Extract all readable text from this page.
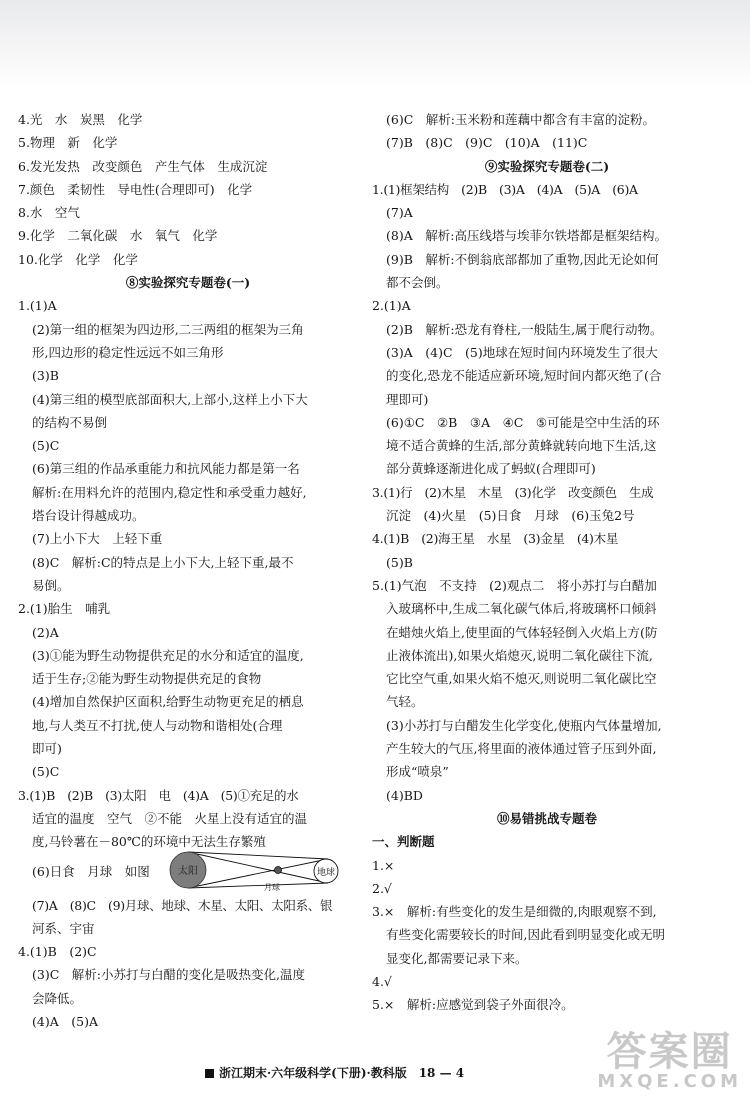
4.光　水　炭黑　化学
5.物理　新　化学
6.发光发热　改变颜色　产生气体　生成沉淀
7.颜色　柔韧性　导电性(合理即可)　化学
8.水　空气
9.化学　二氧化碳　水　氧气　化学
10.化学　化学　化学
⑧实验探究专题卷(一)
1.(1)A
(2)第一组的框架为四边形,二三两组的框架为三角
形,四边形的稳定性远远不如三角形
(3)B
(4)第三组的模型底部面积大,上部小,这样上小下大
的结构不易倒
(5)C
(6)第三组的作品承重能力和抗风能力都是第一名
解析:在用料允许的范围内,稳定性和承受重力越好,
塔台设计得越成功。
(7)上小下大　上轻下重
(8)C　解析:C的特点是上小下大,上轻下重,最不
易倒。
2.(1)胎生　哺乳
(2)A
(3)①能为野生动物提供充足的水分和适宜的温度,
适于生存;②能为野生动物提供充足的食物
(4)增加自然保护区面积,给野生动物更充足的栖息
地,与人类互不打扰,使人与动物和谐相处(合理
即可)
(5)C
3.(1)B　(2)B　(3)太阳　电　(4)A　(5)①充足的水
适宜的温度　空气　②不能　火星上没有适宜的温
度,马铃薯在－80℃的环境中无法生存繁殖
(6)日食　月球　如图	太阳
月球
地球
(7)A　(8)C　(9)月球、地球、木星、太阳、太阳系、银
河系、宇宙
4.(1)B　(2)C
(3)C　解析:小苏打与白醋的变化是吸热变化,温度
会降低。
(4)A　(5)A
(6)C　解析:玉米粉和莲藕中都含有丰富的淀粉。
(7)B　(8)C　(9)C　(10)A　(11)C
⑨实验探究专题卷(二)
1.(1)框架结构　(2)B　(3)A　(4)A　(5)A　(6)A
(7)A
(8)A　解析:高压线塔与埃菲尔铁塔都是框架结构。
(9)B　解析:不倒翁底部都加了重物,因此无论如何
都不会倒。
2.(1)A
(2)B　解析:恐龙有脊柱,一般陆生,属于爬行动物。
(3)A　(4)C　(5)地球在短时间内环境发生了很大
的变化,恐龙不能适应新环境,短时间内都灭绝了(合
理即可)
(6)①C　②B　③A　④C　⑤可能是空中生活的环
境不适合黄蜂的生活,部分黄蜂就转向地下生活,这
部分黄蜂逐渐进化成了蚂蚁(合理即可)
3.(1)行　(2)木星　木星　(3)化学　改变颜色　生成
沉淀　(4)火星　(5)日食　月球　(6)玉兔2号
4.(1)B　(2)海王星　水星　(3)金星　(4)木星
(5)B
5.(1)气泡　不支持　(2)观点二　将小苏打与白醋加
入玻璃杯中,生成二氧化碳气体后,将玻璃杯口倾斜
在蜡烛火焰上,使里面的气体轻轻倒入火焰上方(防
止液体流出),如果火焰熄灭,说明二氧化碳往下流,
它比空气重,如果火焰不熄灭,则说明二氧化碳比空
气轻。
(3)小苏打与白醋发生化学变化,使瓶内气体量增加,
产生较大的气压,将里面的液体通过管子压到外面,
形成“喷泉”
(4)BD
⑩易错挑战专题卷
一、判断题
1.×
2.√
3.×　解析:有些变化的发生是细微的,肉眼观察不到,
有些变化需要较长的时间,因此看到明显变化或无明
显变化,都需要记录下来。
4.√
5.×　解析:应感觉到袋子外面很冷。
浙江期末·六年级科学(下册)·教科版　18 — 4	答案圈
MXQE.COM
